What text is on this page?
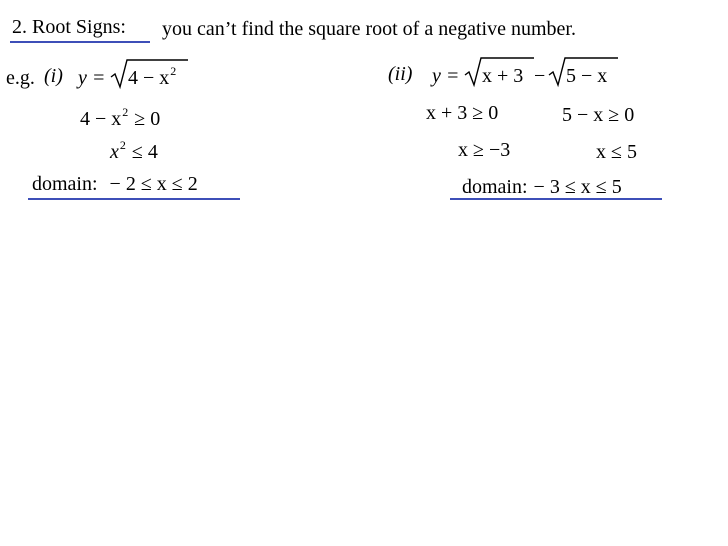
2. Root Signs: you can’t find the square root of a negative number.
e.g. (i) $y = 4 - x^2$
$4 - x^2 \ge 0$
$x^2 \le 4$
domain: − 2 ≤ x ≤ 2
(ii) y = x + 3 − 5 − x
x + 3 ≥ 0	5 − x ≥ 0
x ≥ −3	x ≤ 5
domain: − 3 ≤ x ≤ 5
